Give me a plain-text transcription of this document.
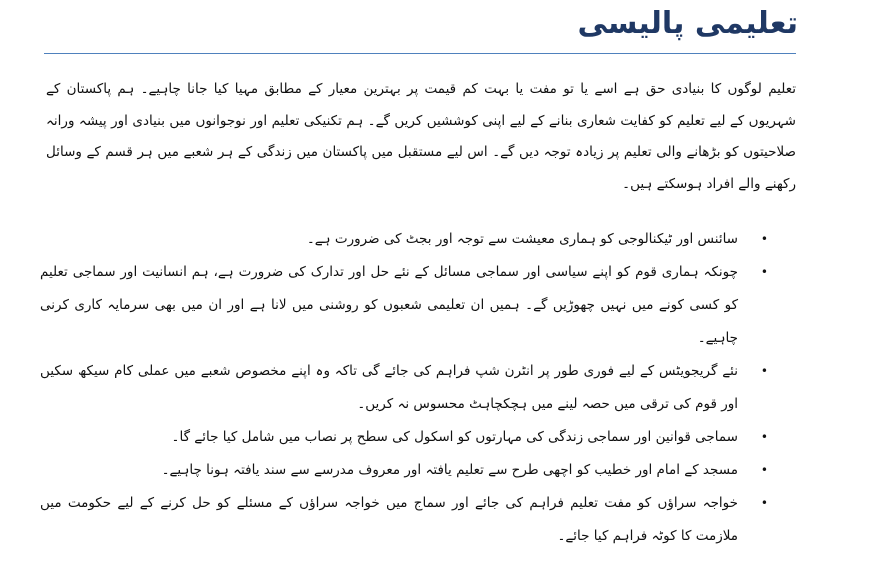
تعلیمی پالیسی

تعلیم لوگوں کا بنیادی حق ہے اسے یا تو مفت یا بہت کم قیمت پر بہترین معیار کے مطابق مہیا کیا جانا چاہیے۔ ہم پاکستان کے شہریوں کے لیے تعلیم کو کفایت شعاری بنانے کے لیے اپنی کوششیں کریں گے۔ ہم تکنیکی تعلیم اور نوجوانوں میں بنیادی اور پیشہ ورانہ صلاحیتوں کو بڑھانے والی تعلیم پر زیادہ توجہ دیں گے۔ اس لیے مستقبل میں پاکستان میں زندگی کے ہر شعبے میں ہر قسم کے وسائل رکھنے والے افراد ہوسکتے ہیں۔

•
سائنس اور ٹیکنالوجی کو ہماری معیشت سے توجہ اور بجٹ کی ضرورت ہے۔
•
چونکہ ہماری قوم کو اپنے سیاسی اور سماجی مسائل کے نئے حل اور تدارک کی ضرورت ہے، ہم انسانیت اور سماجی تعلیم کو کسی کونے میں نہیں چھوڑیں گے۔ ہمیں ان تعلیمی شعبوں کو روشنی میں لانا ہے اور ان میں بھی سرمایہ کاری کرنی چاہیے۔
•
نئے گریجویٹس کے لیے فوری طور پر انٹرن شپ فراہم کی جائے گی تاکہ وہ اپنے مخصوص شعبے میں عملی کام سیکھ سکیں اور قوم کی ترقی میں حصہ لینے میں ہچکچاہٹ محسوس نہ کریں۔
•
سماجی قوانین اور سماجی زندگی کی مہارتوں کو اسکول کی سطح پر نصاب میں شامل کیا جائے گا۔
•
مسجد کے امام اور خطیب کو اچھی طرح سے تعلیم یافتہ اور معروف مدرسے سے سند یافتہ ہونا چاہیے۔
•
خواجہ سراؤں کو مفت تعلیم فراہم کی جائے اور سماج میں خواجہ سراؤں کے مسئلے کو حل کرنے کے لیے حکومت میں ملازمت کا کوٹہ فراہم کیا جائے۔
